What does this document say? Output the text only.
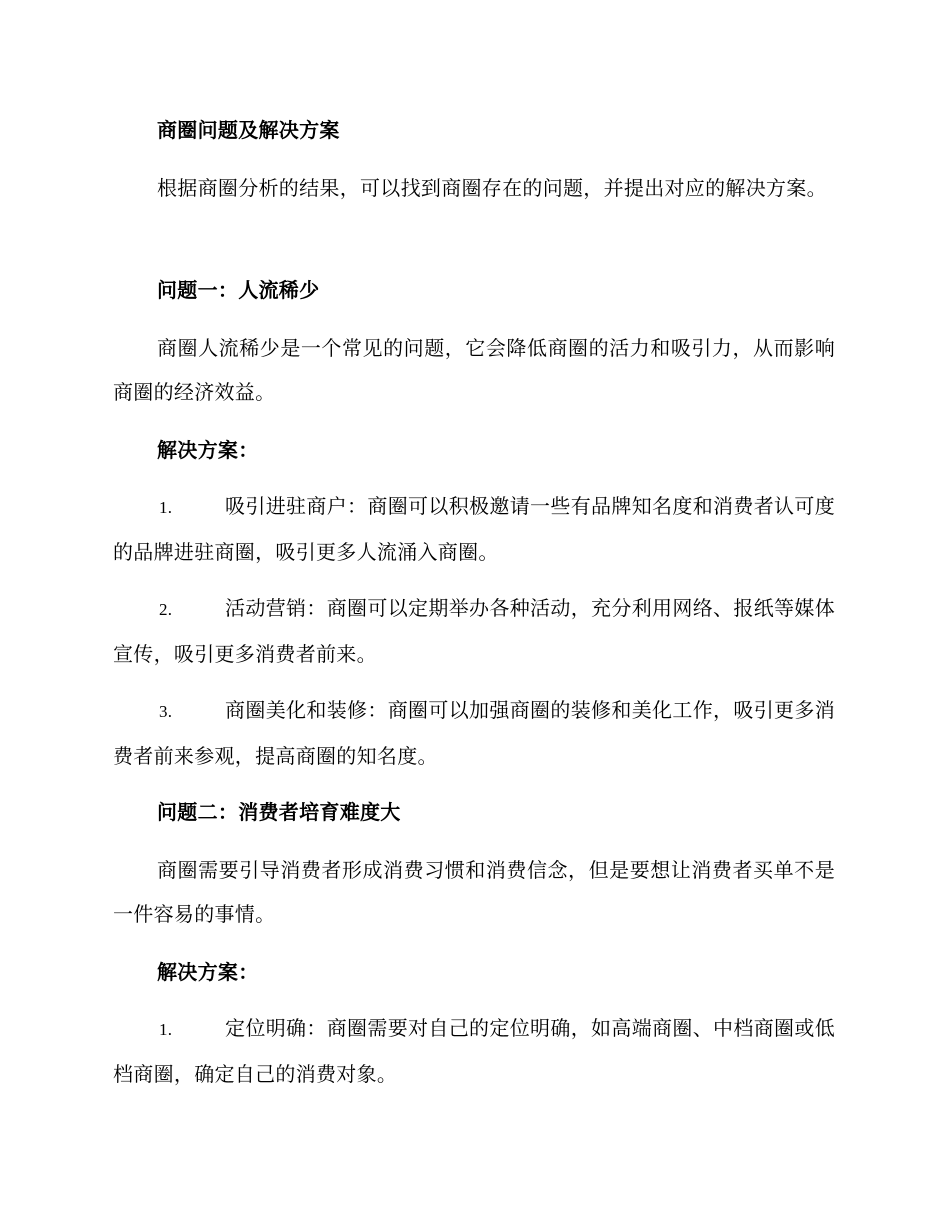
商圈问题及解决方案

根据商圈分析的结果，可以找到商圈存在的问题，并提出对应的解决方案。

问题一：人流稀少

商圈人流稀少是一个常见的问题，它会降低商圈的活力和吸引力，从而影响商圈的经济效益。

解决方案：

1.	吸引进驻商户：商圈可以积极邀请一些有品牌知名度和消费者认可度的品牌进驻商圈，吸引更多人流涌入商圈。

2.	活动营销：商圈可以定期举办各种活动，充分利用网络、报纸等媒体宣传，吸引更多消费者前来。

3.	商圈美化和装修：商圈可以加强商圈的装修和美化工作，吸引更多消费者前来参观，提高商圈的知名度。

问题二：消费者培育难度大

商圈需要引导消费者形成消费习惯和消费信念，但是要想让消费者买单不是一件容易的事情。

解决方案：

1.	定位明确：商圈需要对自己的定位明确，如高端商圈、中档商圈或低档商圈，确定自己的消费对象。
